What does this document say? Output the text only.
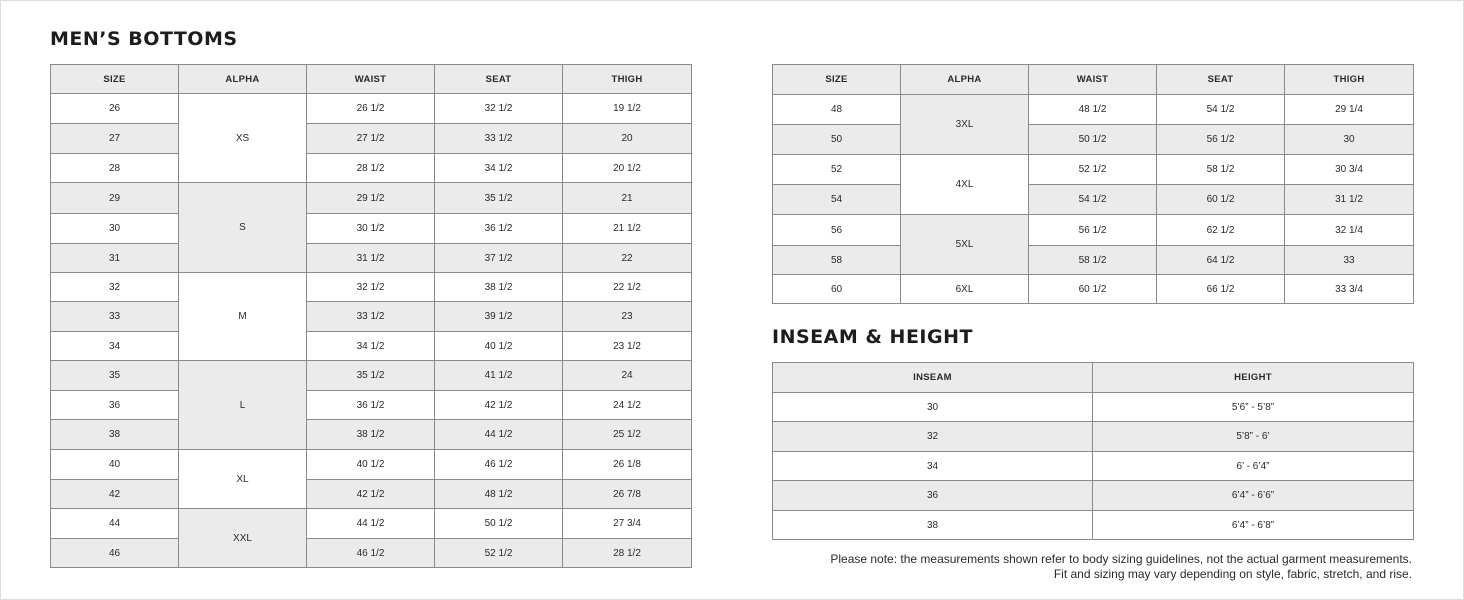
MEN’S BOTTOMS
SIZE	ALPHA	WAIST	SEAT	THIGH
26	XS	26 1/2	32 1/2	19 1/2
27		27 1/2	33 1/2	20
28		28 1/2	34 1/2	20 1/2
29	S	29 1/2	35 1/2	21
30		30 1/2	36 1/2	21 1/2
31		31 1/2	37 1/2	22
32	M	32 1/2	38 1/2	22 1/2
33		33 1/2	39 1/2	23
34		34 1/2	40 1/2	23 1/2
35	L	35 1/2	41 1/2	24
36		36 1/2	42 1/2	24 1/2
38		38 1/2	44 1/2	25 1/2
40	XL	40 1/2	46 1/2	26 1/8
42		42 1/2	48 1/2	26 7/8
44	XXL	44 1/2	50 1/2	27 3/4
46		46 1/2	52 1/2	28 1/2
SIZE	ALPHA	WAIST	SEAT	THIGH
48	3XL	48 1/2	54 1/2	29 1/4
50		50 1/2	56 1/2	30
52	4XL	52 1/2	58 1/2	30 3/4
54		54 1/2	60 1/2	31 1/2
56	5XL	56 1/2	62 1/2	32 1/4
58		58 1/2	64 1/2	33
60	6XL	60 1/2	66 1/2	33 3/4
INSEAM & HEIGHT
INSEAM	HEIGHT
30	5’6” - 5’8”
32	5’8” - 6’
34	6’ - 6’4”
36	6’4” - 6’6”
38	6’4” - 6’8”
Please note: the measurements shown refer to body sizing guidelines, not the actual garment measurements.
Fit and sizing may vary depending on style, fabric, stretch, and rise.
